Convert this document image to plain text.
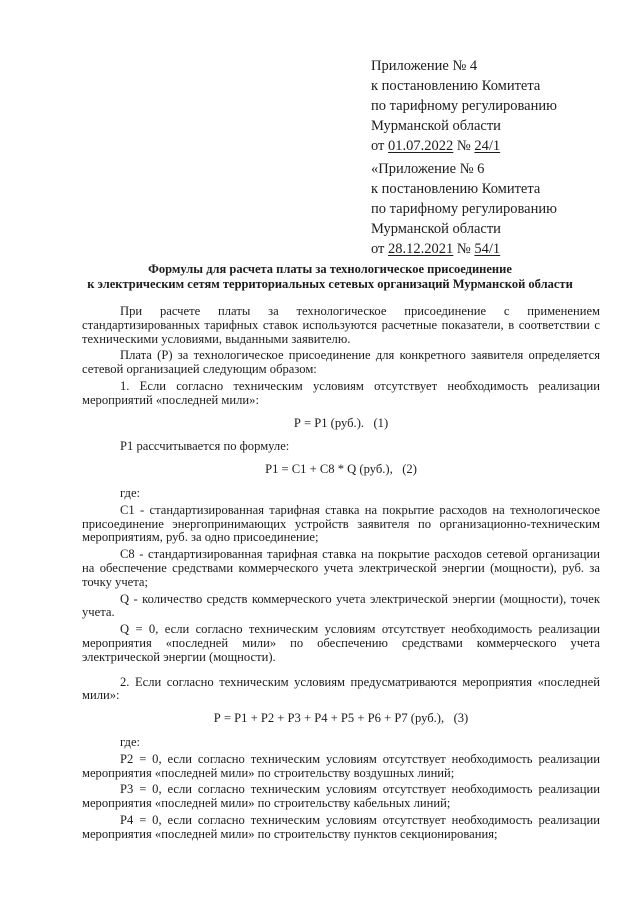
Приложение № 4
к постановлению Комитета
по тарифному регулированию
Мурманской области
от 01.07.2022 № 24/1
«Приложение № 6
к постановлению Комитета
по тарифному регулированию
Мурманской области
от 28.12.2021 № 54/1
Формулы для расчета платы за технологическое присоединение
к электрическим сетям территориальных сетевых организаций Мурманской области

При расчете платы за технологическое присоединение с применением стандартизированных тарифных ставок используются расчетные показатели, в соответствии с техническими условиями, выданными заявителю.

Плата (Р) за технологическое присоединение для конкретного заявителя определяется сетевой организацией следующим образом:

1. Если согласно техническим условиям отсутствует необходимость реализации мероприятий «последней мили»:

Р = Р1 (руб.).   (1)

Р1 рассчитывается по формуле:

Р1 = С1 + С8 * Q (руб.),   (2)

где:

С1 - стандартизированная тарифная ставка на покрытие расходов на технологическое присоединение энергопринимающих устройств заявителя по организационно-техническим мероприятиям, руб. за одно присоединение;

С8 - стандартизированная тарифная ставка на покрытие расходов сетевой организации на обеспечение средствами коммерческого учета электрической энергии (мощности), руб. за точку учета;

Q - количество средств коммерческого учета электрической энергии (мощности), точек учета.

Q = 0, если согласно техническим условиям отсутствует необходимость реализации мероприятия «последней мили» по обеспечению средствами коммерческого учета электрической энергии (мощности).

2. Если согласно техническим условиям предусматриваются мероприятия «последней мили»:

Р = Р1 + Р2 + Р3 + Р4 + Р5 + Р6 + Р7 (руб.),   (3)

где:

Р2 = 0, если согласно техническим условиям отсутствует необходимость реализации мероприятия «последней мили» по строительству воздушных линий;

Р3 = 0, если согласно техническим условиям отсутствует необходимость реализации мероприятия «последней мили» по строительству кабельных линий;

Р4 = 0, если согласно техническим условиям отсутствует необходимость реализации мероприятия «последней мили» по строительству пунктов секционирования;
